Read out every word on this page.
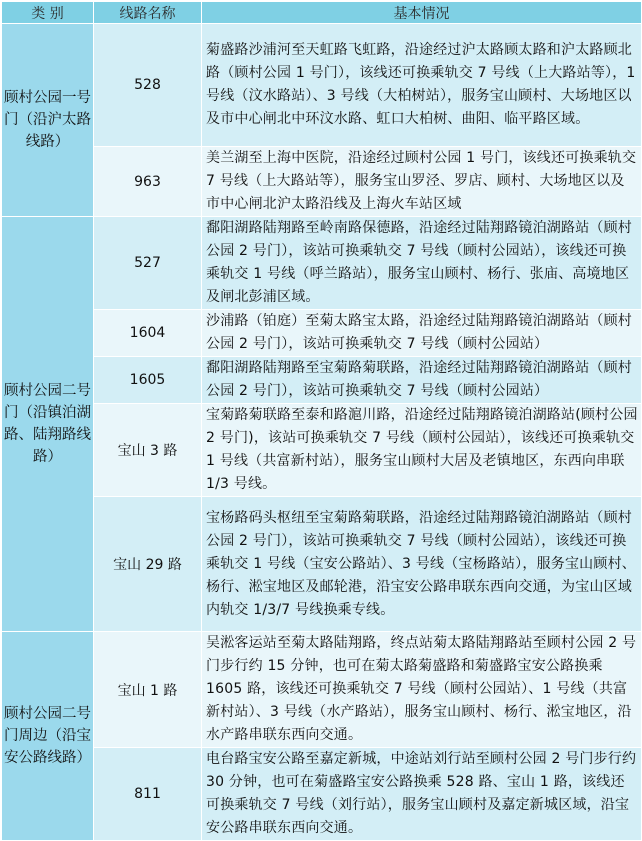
类 别	线路名称	基本情况
顾村公园一号门（沿沪太路线路）	528	菊盛路沙浦河至天虹路飞虹路，沿途经过沪太路顾太路和沪太路顾北路（顾村公园 1 号门），该线还可换乘轨交 7 号线（上大路站等），1 号线（汶水路站）、3 号线（大柏树站），服务宝山顾村、大场地区以及市中心闸北中环汶水路、虹口大柏树、曲阳、临平路区域。
	963	美兰湖至上海中医院，沿途经过顾村公园 1 号门，该线还可换乘轨交 7 号线（上大路站等），服务宝山罗泾、罗店、顾村、大场地区以及市中心闸北沪太路沿线及上海火车站区域
顾村公园二号门（沿镇泊湖路、陆翔路线路）	527	鄱阳湖路陆翔路至岭南路保德路，沿途经过陆翔路镜泊湖路站（顾村公园 2 号门），该站可换乘轨交 7 号线（顾村公园站），该线还可换乘轨交 1 号线（呼兰路站），服务宝山顾村、杨行、张庙、高境地区及闸北彭浦区域。
	1604	沙浦路（铂庭）至菊太路宝太路，沿途经过陆翔路镜泊湖路站（顾村公园 2 号门），该站可换乘轨交 7 号线（顾村公园站）
	1605	鄱阳湖路陆翔路至宝菊路菊联路，沿途经过陆翔路镜泊湖路站（顾村公园 2 号门），该站可换乘轨交 7 号线（顾村公园站）
	宝山 3 路	宝菊路菊联路至泰和路滬川路，沿途经过陆翔路镜泊湖路站(顾村公园 2 号门)，该站可换乘轨交 7 号线（顾村公园站），该线还可换乘轨交 1 号线（共富新村站），服务宝山顾村大居及老镇地区，东西向串联 1/3 号线。
	宝山 29 路	宝杨路码头枢纽至宝菊路菊联路，沿途经过陆翔路镜泊湖路站（顾村公园 2 号门），该站可换乘轨交 7 号线（顾村公园站），该线还可换乘轨交 1 号线（宝安公路站）、3 号线（宝杨路站），服务宝山顾村、杨行、淞宝地区及邮轮港，沿宝安公路串联东西向交通，为宝山区域内轨交 1/3/7 号线换乘专线。
顾村公园二号门周边（沿宝安公路线路）	宝山 1 路	吴淞客运站至菊太路陆翔路，终点站菊太路陆翔路站至顾村公园 2 号门步行约 15 分钟，也可在菊太路菊盛路和菊盛路宝安公路换乘 1605 路，该线还可换乘轨交 7 号线（顾村公园站）、1 号线（共富新村站）、3 号线（水产路站），服务宝山顾村、杨行、淞宝地区，沿水产路串联东西向交通。
	811	电台路宝安公路至嘉定新城，中途站刘行站至顾村公园 2 号门步行约 30 分钟，也可在菊盛路宝安公路换乘 528 路、宝山 1 路，该线还可换乘轨交 7 号线（刘行站），服务宝山顾村及嘉定新城区域，沿宝安公路串联东西向交通。
